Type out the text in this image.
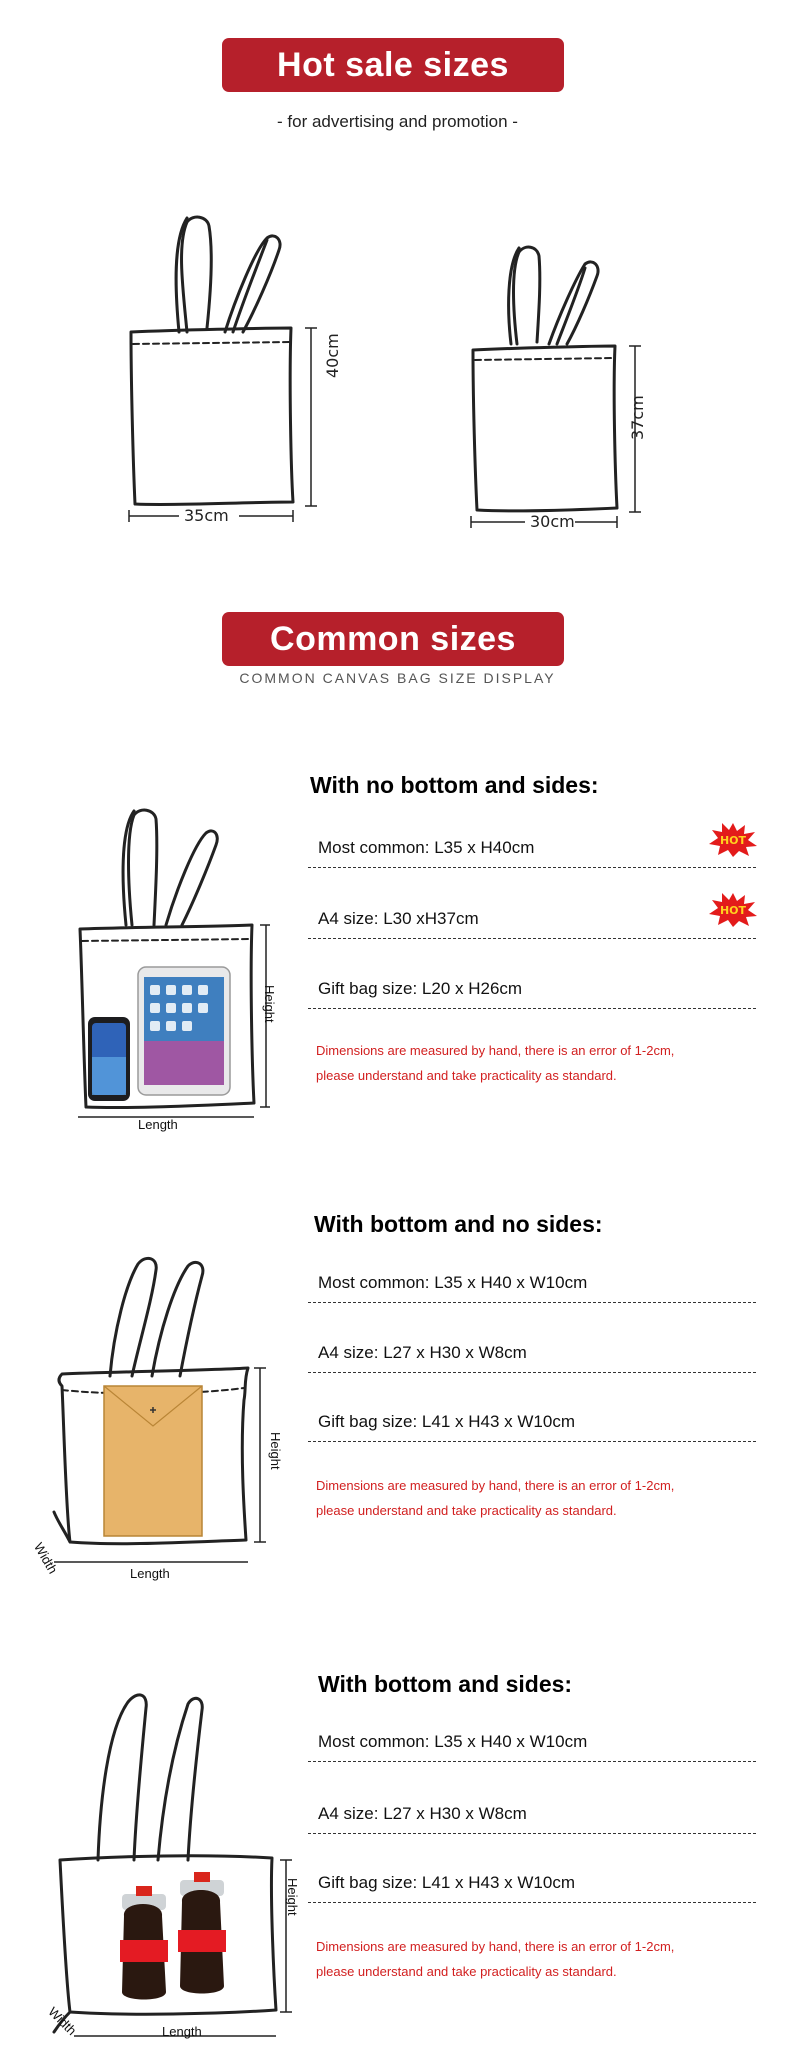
Hot sale sizes
- for advertising and promotion -
35cm
40cm
30cm
37cm
Common sizes
COMMON CANVAS BAG SIZE DISPLAY
Height
Length
With no bottom and sides:
Most common: L35 x H40cm
A4 size: L30 xH37cm
Gift bag size: L20 x H26cm
Dimensions are measured by hand, there is an error of 1-2cm,
please understand and take practicality as standard.
HOT
HOT
Height
Length
Width
With bottom and no sides:
Most common: L35 x H40 x W10cm
A4 size: L27 x H30 x W8cm
Gift bag size: L41 x H43 x W10cm
Dimensions are measured by hand, there is an error of 1-2cm,
please understand and take practicality as standard.
Height
Length
Width
With bottom and sides:
Most common: L35 x H40 x W10cm
A4 size: L27 x H30 x W8cm
Gift bag size: L41 x H43 x W10cm
Dimensions are measured by hand, there is an error of 1-2cm,
please understand and take practicality as standard.
